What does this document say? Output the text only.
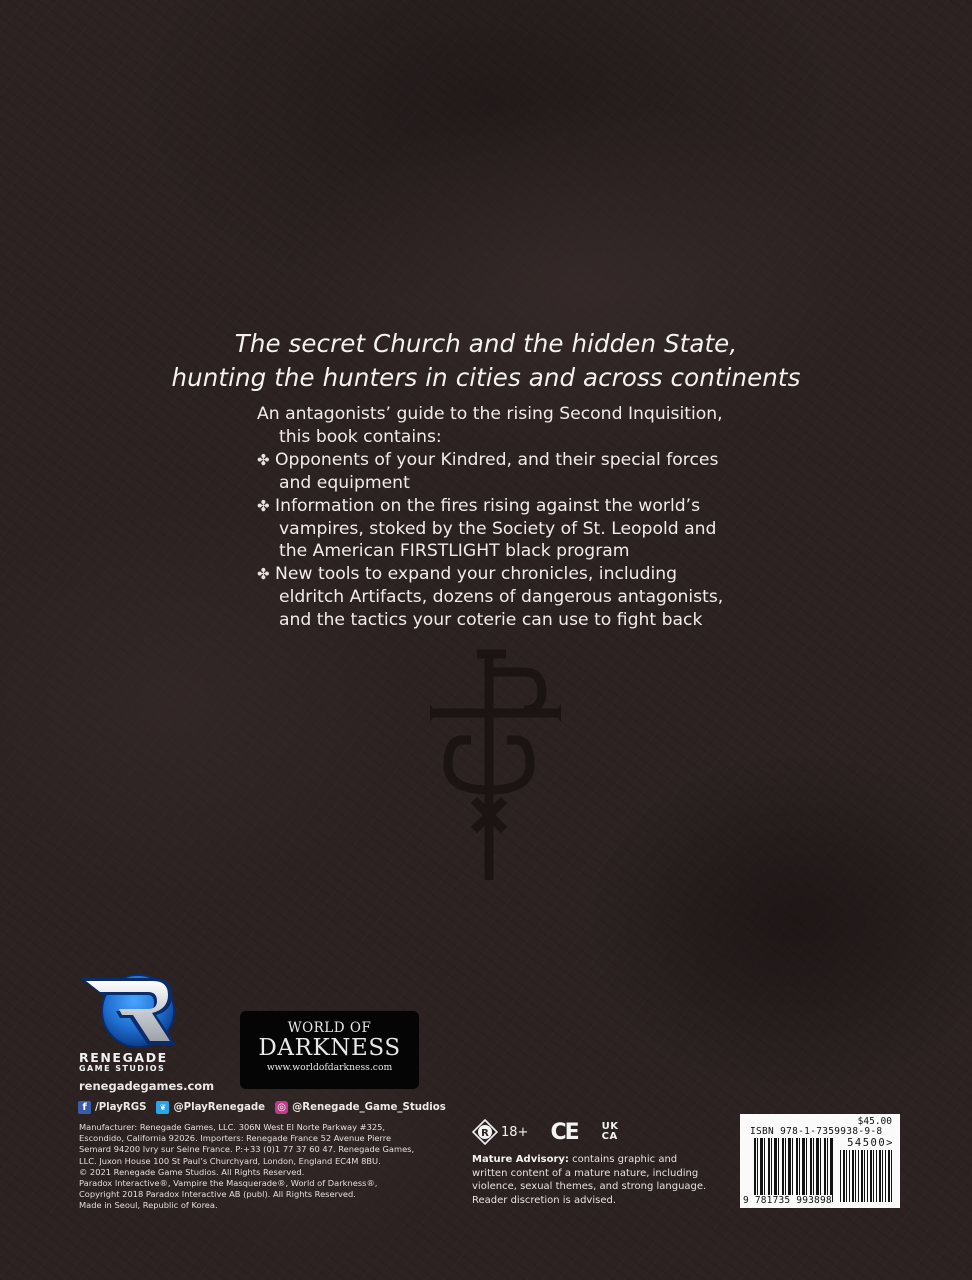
The secret Church and the hidden State,
hunting the hunters in cities and across continents
An antagonists’ guide to the rising Second Inquisition, this book contains:
✤ Opponents of your Kindred, and their special forces and equipment
✤ Information on the fires rising against the world’s vampires, stoked by the Society of St. Leopold and the American FIRSTLIGHT black program
✤ New tools to expand your chronicles, including eldritch Artifacts, dozens of dangerous antagonists, and the tactics your coterie can use to fight back
RENEGADE
GAME STUDIOS
renegadegames.com
WORLD OF
DARKNESS
www.worldofdarkness.com
f /PlayRGS	❦ @PlayRenegade ◎ @Renegade_Game_Studios
Manufacturer: Renegade Games, LLC. 306N West El Norte Parkway #325, Escondido, California 92026. Importers: Renegade France 52 Avenue Pierre Semard 94200 Ivry sur Seine France. P:+33 (0)1 77 37 60 47. Renegade Games, LLC. Juxon House 100 St Paul’s Churchyard, London, England EC4M 8BU.
© 2021 Renegade Game Studios. All Rights Reserved.
Paradox Interactive®, Vampire the Masquerade®, World of Darkness®, Copyright 2018 Paradox Interactive AB (publ). All Rights Reserved.
Made in Seoul, Republic of Korea.
R 18+ CE UK
CA
Mature Advisory: contains graphic and written content of a mature nature, including violence, sexual themes, and strong language. Reader discretion is advised.
$45.00
ISBN 978-1-7359938-9-8
54500>
9 781735 993898
